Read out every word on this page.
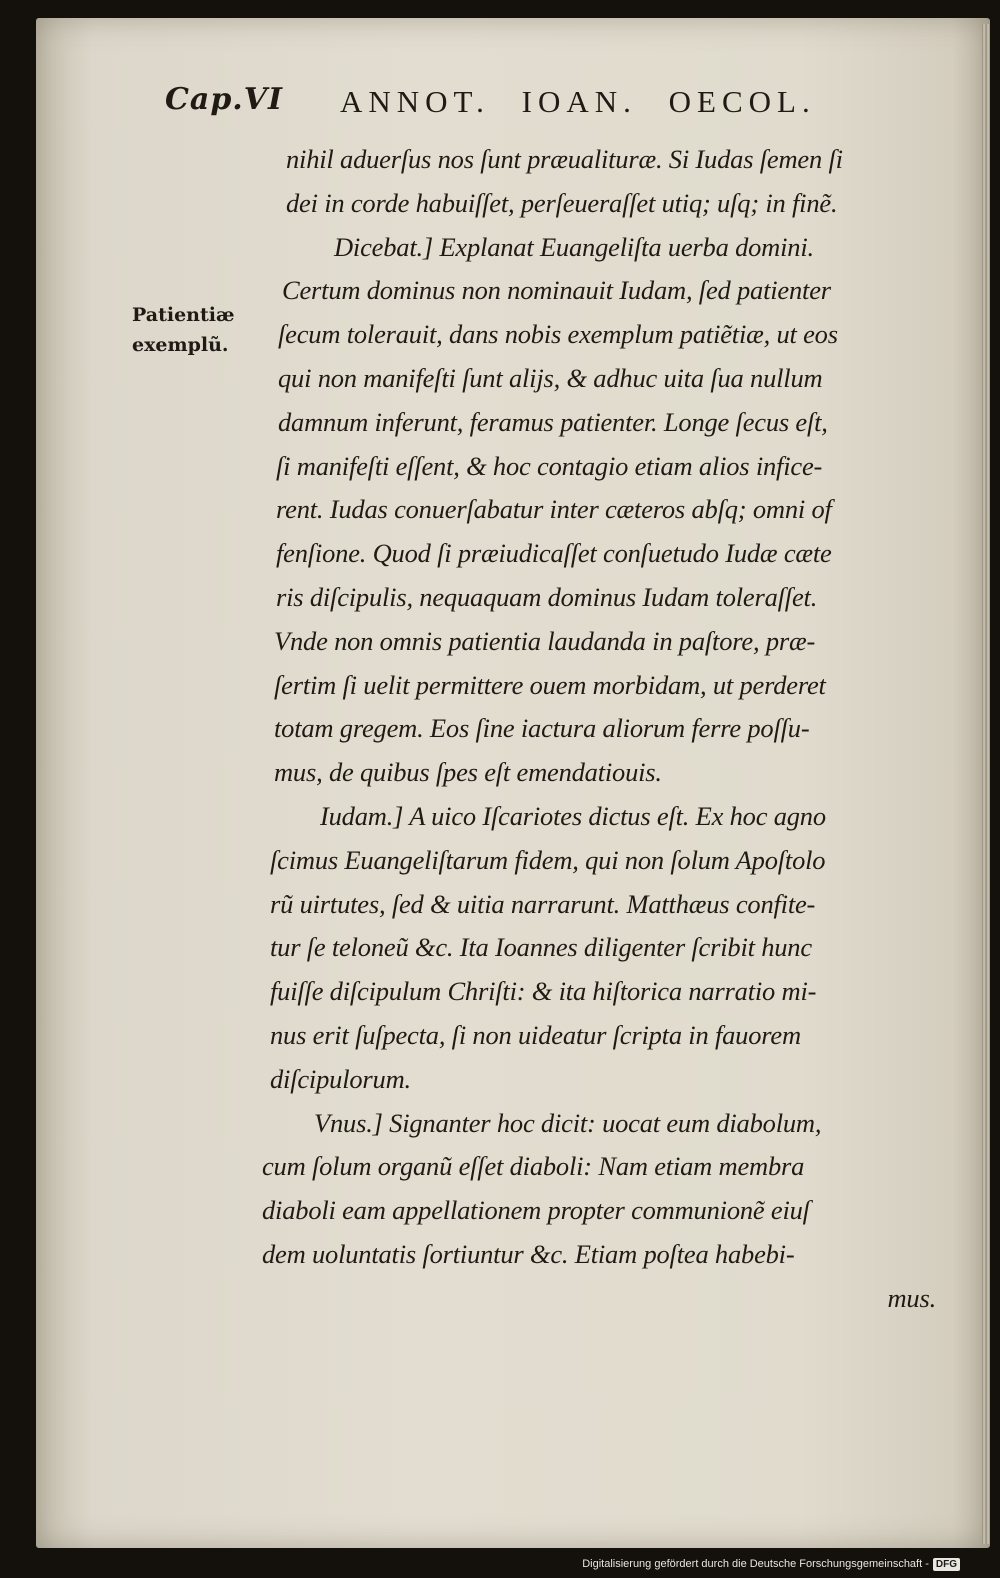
Cap.VI ANNOT. IOAN. OECOL.
Patientiæ
exemplũ.
nihil aduerſus nos ſunt præualituræ. Si Iudas ſemen ſi
dei in corde habuiſſet, perſeueraſſet utiq; uſq; in finẽ.
Dicebat.] Explanat Euangeliſta uerba domini.
Certum dominus non nominauit Iudam, ſed patienter
ſecum tolerauit, dans nobis exemplum patiẽtiæ, ut eos
qui non manifeſti ſunt alijs, & adhuc uita ſua nullum
damnum inferunt, feramus patienter. Longe ſecus eſt,
ſi manifeſti eſſent, & hoc contagio etiam alios infice-
rent. Iudas conuerſabatur inter cæteros abſq; omni of
fenſione. Quod ſi præiudicaſſet conſuetudo Iudæ cæte
ris diſcipulis, nequaquam dominus Iudam toleraſſet.
Vnde non omnis patientia laudanda in paſtore, præ-
ſertim ſi uelit permittere ouem morbidam, ut perderet
totam gregem. Eos ſine iactura aliorum ferre poſſu-
mus, de quibus ſpes eſt emendatiouis.
Iudam.] A uico Iſcariotes dictus eſt. Ex hoc agno
ſcimus Euangeliſtarum fidem, qui non ſolum Apoſtolo
rũ uirtutes, ſed & uitia narrarunt. Matthæus confite-
tur ſe teloneũ &c. Ita Ioannes diligenter ſcribit hunc
fuiſſe diſcipulum Chriſti: & ita hiſtorica narratio mi-
nus erit ſuſpecta, ſi non uideatur ſcripta in fauorem
diſcipulorum.
Vnus.] Signanter hoc dicit: uocat eum diabolum,
cum ſolum organũ eſſet diaboli: Nam etiam membra
diaboli eam appellationem propter communionẽ eiuſ
dem uoluntatis ſortiuntur &c. Etiam poſtea habebi-
mus.
Digitalisierung gefördert durch die Deutsche Forschungsgemeinschaft - DFG
